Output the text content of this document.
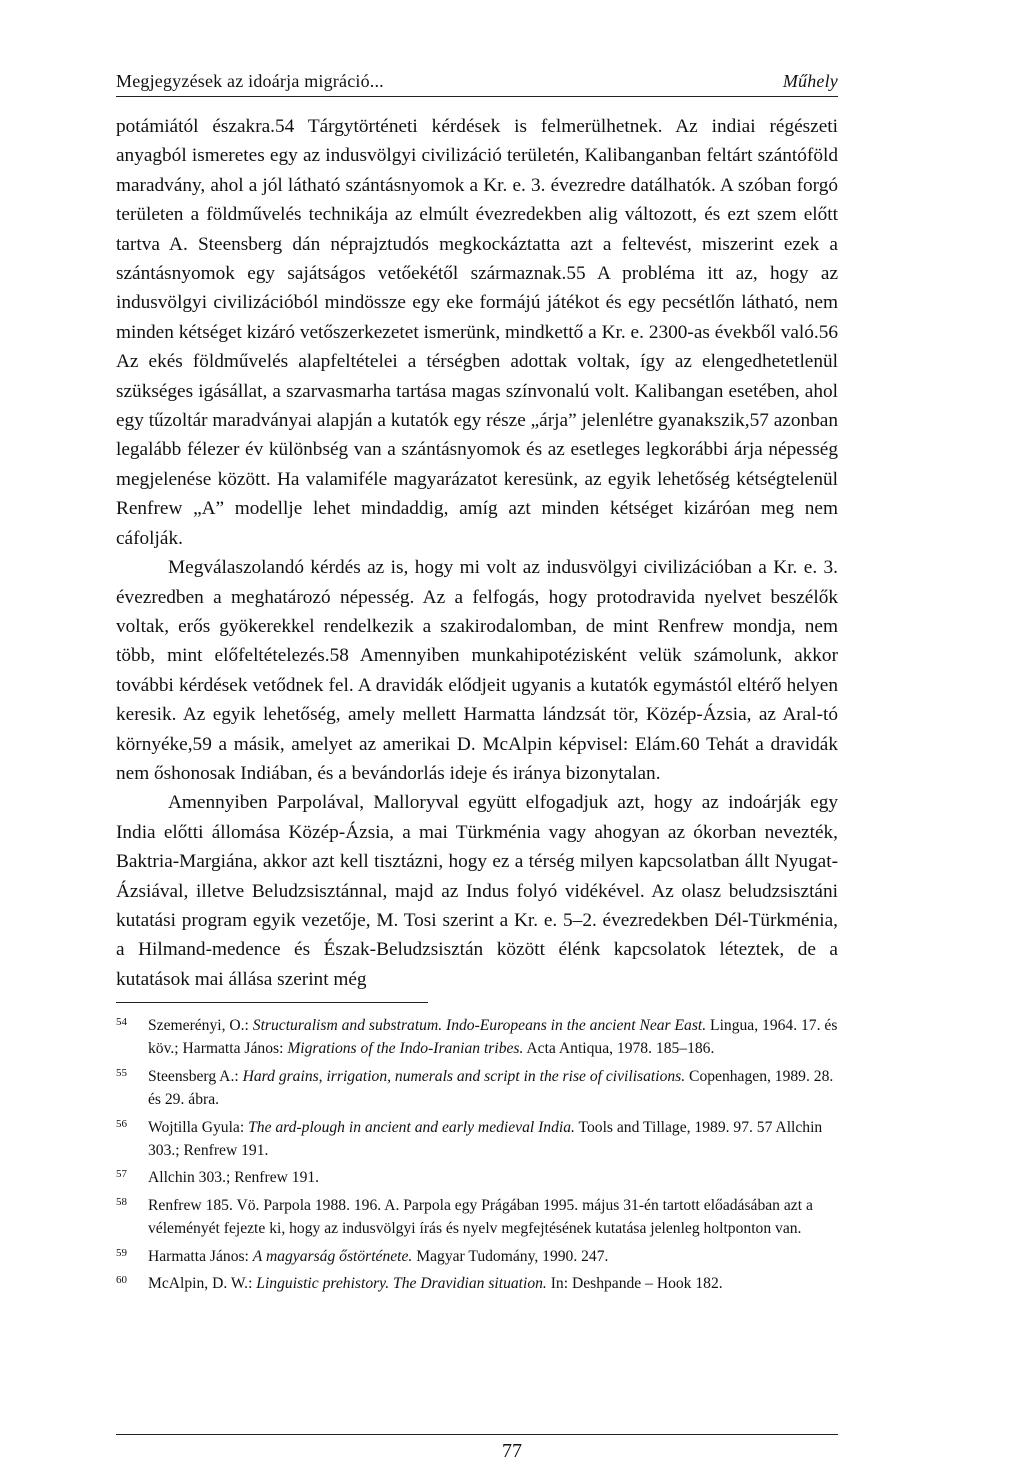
Megjegyzések az idoárja migráció...	Műhely

potámiától északra.54 Tárgytörténeti kérdések is felmerülhetnek. Az indiai régészeti anyagból ismeretes egy az indusvölgyi civilizáció területén, Kalibanganban feltárt szántóföld maradvány, ahol a jól látható szántásnyomok a Kr. e. 3. évezredre datálhatók. A szóban forgó területen a földművelés technikája az elmúlt évezredekben alig változott, és ezt szem előtt tartva A. Steensberg dán néprajztudós megkockáztatta azt a feltevést, miszerint ezek a szántásnyomok egy sajátságos vetőekétől származnak.55 A probléma itt az, hogy az indusvölgyi civilizációból mindössze egy eke formájú játékot és egy pecsétlőn látható, nem minden kétséget kizáró vetőszerkezetet ismerünk, mindkettő a Kr. e. 2300-as évekből való.56 Az ekés földművelés alapfeltételei a térségben adottak voltak, így az elengedhetetlenül szükséges igásállat, a szarvasmarha tartása magas színvonalú volt. Kalibangan esetében, ahol egy tűzoltár maradványai alapján a kutatók egy része „árja” jelenlétre gyanakszik,57 azonban legalább félezer év különbség van a szántásnyomok és az esetleges legkorábbi árja népesség megjelenése között. Ha valamiféle magyarázatot keresünk, az egyik lehetőség kétségtelenül Renfrew „A” modellje lehet mindaddig, amíg azt minden kétséget kizáróan meg nem cáfolják.

Megválaszolandó kérdés az is, hogy mi volt az indusvölgyi civilizációban a Kr. e. 3. évezredben a meghatározó népesség. Az a felfogás, hogy protodravida nyelvet beszélők voltak, erős gyökerekkel rendelkezik a szakirodalomban, de mint Renfrew mondja, nem több, mint előfeltételezés.58 Amennyiben munkahipotézisként velük számolunk, akkor további kérdések vetődnek fel. A dravidák elődjeit ugyanis a kutatók egymástól eltérő helyen keresik. Az egyik lehetőség, amely mellett Harmatta lándzsát tör, Közép-Ázsia, az Aral-tó környéke,59 a másik, amelyet az amerikai D. McAlpin képvisel: Elám.60 Tehát a dravidák nem őshonosak Indiában, és a bevándorlás ideje és iránya bizonytalan.

Amennyiben Parpolával, Malloryval együtt elfogadjuk azt, hogy az indoárják egy India előtti állomása Közép-Ázsia, a mai Türkménia vagy ahogyan az ókorban nevezték, Baktria-Margiána, akkor azt kell tisztázni, hogy ez a térség milyen kapcsolatban állt Nyugat-Ázsiával, illetve Beludzsisztánnal, majd az Indus folyó vidékével. Az olasz beludzsisztáni kutatási program egyik vezetője, M. Tosi szerint a Kr. e. 5–2. évezredekben Dél-Türkménia, a Hilmand-medence és Észak-Beludzsisztán között élénk kapcsolatok léteztek, de a kutatások mai állása szerint még

54 Szemerényi, O.: Structuralism and substratum. Indo-Europeans in the ancient Near East. Lingua, 1964. 17. és köv.; Harmatta János: Migrations of the Indo-Iranian tribes. Acta Antiqua, 1978. 185–186.
55 Steensberg A.: Hard grains, irrigation, numerals and script in the rise of civilisations. Copenhagen, 1989. 28. és 29. ábra.
56 Wojtilla Gyula: The ard-plough in ancient and early medieval India. Tools and Tillage, 1989. 97. 57 Allchin 303.; Renfrew 191.
57 Allchin 303.; Renfrew 191.
58 Renfrew 185. Vö. Parpola 1988. 196. A. Parpola egy Prágában 1995. május 31-én tartott előadásában azt a véleményét fejezte ki, hogy az indusvölgyi írás és nyelv megfejtésének kutatása jelenleg holtponton van.
59 Harmatta János: A magyarság őstörténete. Magyar Tudomány, 1990. 247.
60 McAlpin, D. W.: Linguistic prehistory. The Dravidian situation. In: Deshpande – Hook 182.
77
